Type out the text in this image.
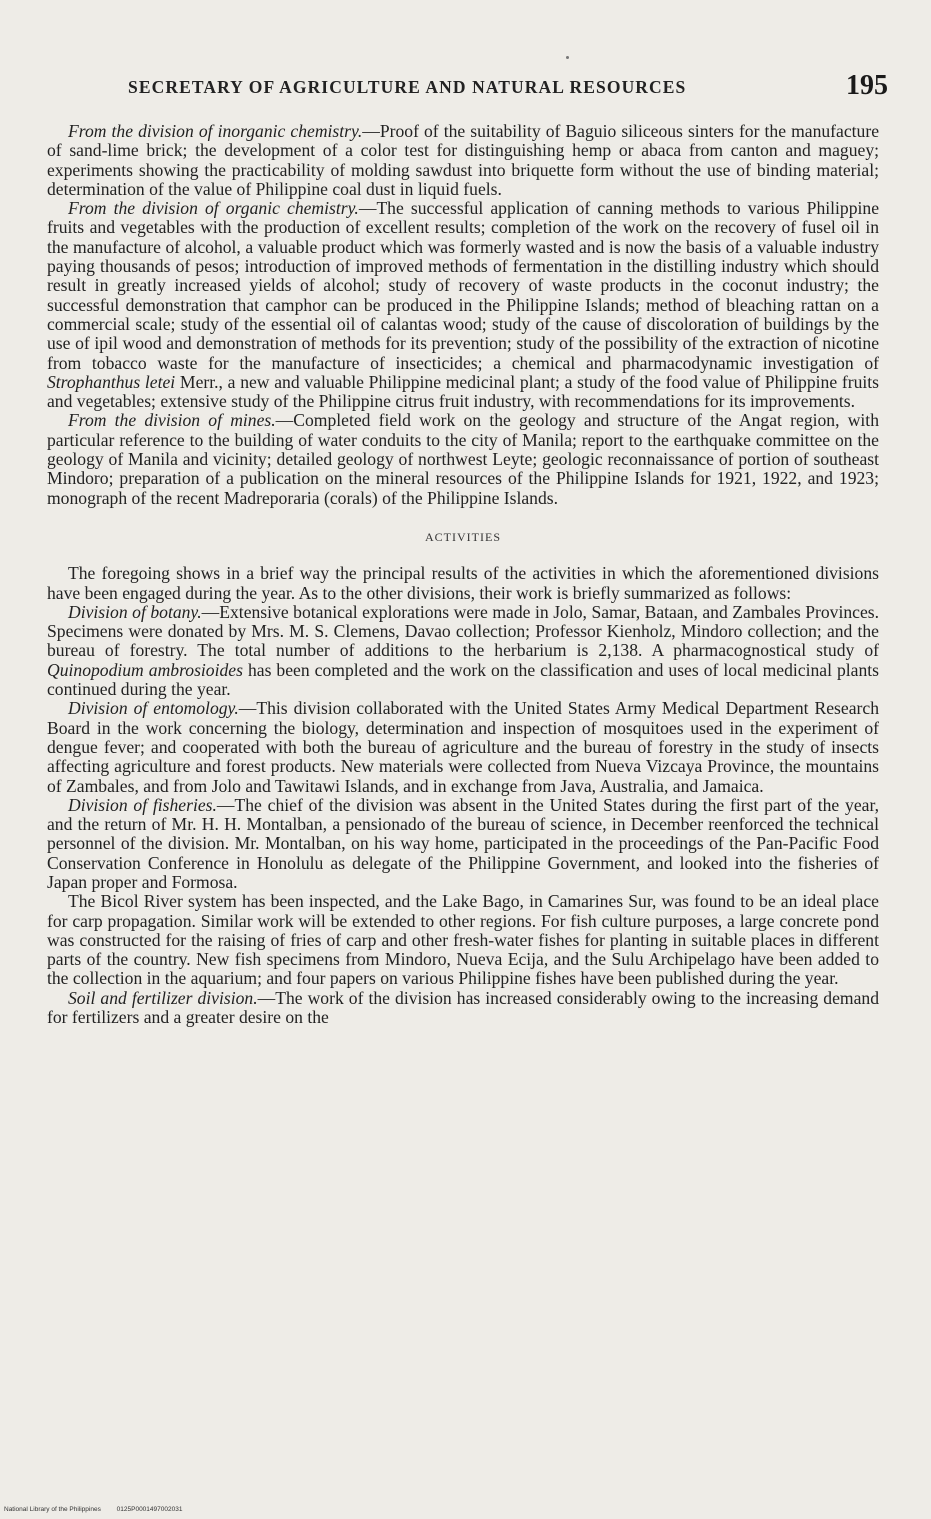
SECRETARY OF AGRICULTURE AND NATURAL RESOURCES	195

From the division of inorganic chemistry.—Proof of the suitability of Baguio siliceous sinters for the manufacture of sand-lime brick; the development of a color test for distinguishing hemp or abaca from canton and maguey; experiments showing the practicability of molding sawdust into briquette form without the use of binding material; determination of the value of Philippine coal dust in liquid fuels.

From the division of organic chemistry.—The successful application of canning methods to various Philippine fruits and vegetables with the production of excellent results; completion of the work on the recovery of fusel oil in the manufacture of alcohol, a valuable product which was formerly wasted and is now the basis of a valuable industry paying thousands of pesos; introduction of improved methods of fermentation in the distilling industry which should result in greatly increased yields of alcohol; study of recovery of waste products in the coconut industry; the successful demonstration that camphor can be produced in the Philippine Islands; method of bleaching rattan on a commercial scale; study of the essential oil of calantas wood; study of the cause of discoloration of buildings by the use of ipil wood and demonstration of methods for its prevention; study of the possibility of the extraction of nicotine from tobacco waste for the manufacture of insecticides; a chemical and pharmacodynamic investigation of Strophanthus letei Merr., a new and valuable Philippine medicinal plant; a study of the food value of Philippine fruits and vegetables; extensive study of the Philippine citrus fruit industry, with recommendations for its improvements.

From the division of mines.—Completed field work on the geology and structure of the Angat region, with particular reference to the building of water conduits to the city of Manila; report to the earthquake committee on the geology of Manila and vicinity; detailed geology of northwest Leyte; geologic reconnaissance of portion of southeast Mindoro; preparation of a publication on the mineral resources of the Philippine Islands for 1921, 1922, and 1923; monograph of the recent Madreporaria (corals) of the Philippine Islands.

ACTIVITIES

The foregoing shows in a brief way the principal results of the activities in which the aforementioned divisions have been engaged during the year. As to the other divisions, their work is briefly summarized as follows:

Division of botany.—Extensive botanical explorations were made in Jolo, Samar, Bataan, and Zambales Provinces. Specimens were donated by Mrs. M. S. Clemens, Davao collection; Professor Kienholz, Mindoro collection; and the bureau of forestry. The total number of additions to the herbarium is 2,138. A pharmacognostical study of Quinopodium ambrosioides has been completed and the work on the classification and uses of local medicinal plants continued during the year.

Division of entomology.—This division collaborated with the United States Army Medical Department Research Board in the work concerning the biology, determination and inspection of mosquitoes used in the experiment of dengue fever; and cooperated with both the bureau of agriculture and the bureau of forestry in the study of insects affecting agriculture and forest products. New materials were collected from Nueva Vizcaya Province, the mountains of Zambales, and from Jolo and Tawitawi Islands, and in exchange from Java, Australia, and Jamaica.

Division of fisheries.—The chief of the division was absent in the United States during the first part of the year, and the return of Mr. H. H. Montalban, a pensionado of the bureau of science, in December reenforced the technical personnel of the division. Mr. Montalban, on his way home, participated in the proceedings of the Pan-Pacific Food Conservation Conference in Honolulu as delegate of the Philippine Government, and looked into the fisheries of Japan proper and Formosa.

The Bicol River system has been inspected, and the Lake Bago, in Camarines Sur, was found to be an ideal place for carp propagation. Similar work will be extended to other regions. For fish culture purposes, a large concrete pond was constructed for the raising of fries of carp and other fresh-water fishes for planting in suitable places in different parts of the country. New fish specimens from Mindoro, Nueva Ecija, and the Sulu Archipelago have been added to the collection in the aquarium; and four papers on various Philippine fishes have been published during the year.

Soil and fertilizer division.—The work of the division has increased considerably owing to the increasing demand for fertilizers and a greater desire on the

National Library of the Philippines 0125P0001497002031
